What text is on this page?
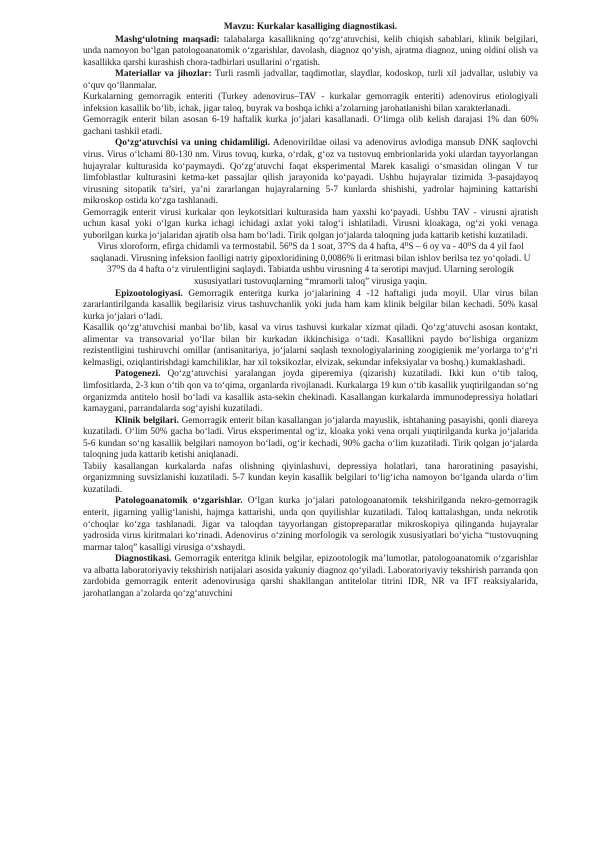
Mavzu: Kurkalar kasalliging diagnostikasi.

Mashg‘ulotning maqsadi: talabalarga kasallikning qo‘zg‘atuvchisi, kelib chiqish sabablari, klinik belgilari, unda namoyon bo‘lgan patologoanatomik o‘zgarishlar, davolash, diagnoz qo‘yish, ajratma diagnoz, uning oldini olish va kasallikka qarshi kurashish chora-tadbirlari usullarini o‘rgatish.

Materiallar va jihozlar: Turli rasmli jadvallar, taqdimotlar, slaydlar, kodoskop, turli xil jadvallar, uslubiy va o‘quv qo‘llanmalar.

Kurkalarning gemorragik enteriti (Turkey adenovirus–TAV - kurkalar gemorragik enteriti) adenovirus etiologiyali infeksion kasallik bo‘lib, ichak, jigar taloq, buyrak va boshqa ichki a’zolarning jarohatlanishi bilan xarakterlanadi.

Gemorragik enterit bilan asosan 6-19 haftalik kurka jo‘jalari kasallanadi. O‘limga olib kelish darajasi 1% dan 60% gachani tashkil etadi.

Qo‘zg‘atuvchisi va uning chidamliligi. Adenovirildae oilasi va adenovirus avlodiga mansub DNK saqlovchi virus. Virus o‘lchami 80-130 nm. Virus tovuq, kurka, o‘rdak, g‘oz va tustovuq embrionlarida yoki ulardan tayyorlangan hujayralar kulturasida ko‘paymaydi. Qo‘zg‘atuvchi faqat eksperimental Marek kasaligi o‘smasidan olingan V tur limfoblastlar kulturasini ketma-ket passajlar qilish jarayonida ko‘payadi. Ushbu hujayralar tizimida 3-pasajdayoq virusning sitopatik ta’siri, ya’ni zararlangan hujayralarning 5-7 kunlarda shishishi, yadrolar hajmining kattarishi mikroskop ostida ko‘zga tashlanadi.

Gemorragik enterit virusi kurkalar qon leykotsitlari kulturasida ham yaxshi ko‘payadi. Ushbu TAV - virusni ajratish uchun kasal yoki o‘lgan kurka ichagi ichidagi axlat yoki talog‘i ishlatiladi. Virusni kloakaga, og‘zi yoki venaga yuborilgan kurka jo‘jalaridan ajratib olsa ham bo‘ladi. Tirik qolgan jo‘jalarda taloqning juda kattarib ketishi kuzatiladi.

Virus xloroform, efirga chidamli va termostabil. 56⁰S da 1 soat, 37⁰S da 4 hafta, 4⁰S – 6 oy va - 40⁰S da 4 yil faol saqlanadi. Virusning infeksion faolligi natriy gipoxloridining 0,0086% li eritmasi bilan ishlov berilsa tez yo‘qoladi. U 37⁰S da 4 hafta o‘z virulentligini saqlaydi. Tabiatda ushbu virusning 4 ta serotipi mavjud. Ularning serologik xususiyatlari tustovuqlarning “mramorli taloq” virusiga yaqin.

Epizootologiyasi. Gemorragik enteritga kurka jo‘jalarining 4 -12 haftaligi juda moyil. Ular virus bilan zararlantirilganda kasallik begilarisiz virus tashuvchanlik yoki juda ham kam klinik belgilar bilan kechadi. 50% kasal kurka jo‘jalari o‘ladi.

Kasallik qo‘zg‘atuvchisi manbai bo‘lib, kasal va virus tashuvsi kurkalar xizmat qiladi. Qo‘zg‘atuvchi asosan kontakt, alimentar va transovarial yo‘llar bilan bir kurkadan ikkinchisiga o‘tadi. Kasallikni paydo bo‘lishiga organizm rezistentligini tushiruvchi omillar (antisanitariya, jo‘jalarni saqlash texnologiyalarining zoogigienik me’yorlarga to‘g‘ri kelmasligi, oziqlantirishdagi kamchiliklar, har xil toksikozlar, elvizak, sekundar infeksiyalar va boshq.) kumaklashadi.

Patogenezi. Qo‘zg‘atuvchisi yaralangan joyda giperemiya (qizarish) kuzatiladi. Ikki kun o‘tib taloq, limfositlarda, 2-3 kun o‘tib qon va to‘qima, organlarda rivojlanadi. Kurkalarga 19 kun o‘tib kasallik yuqtirilgandan so‘ng organizmda antitelo hosil bo‘ladi va kasallik asta-sekin chekinadi. Kasallangan kurkalarda immunodepressiya holatlari kamaygani, parrandalarda sog‘ayishi kuzatiladi.

Klinik belgilari. Gemorragik enterit bilan kasallangan jo‘jalarda mayuslik, ishtahaning pasayishi, qonli diareya kuzatiladi. O‘lim 50% gacha bo‘ladi. Virus eksperimental og‘iz, kloaka yoki vena orqali yuqtirilganda kurka jo‘jalarida 5-6 kundan so‘ng kasallik belgilari namoyon bo‘ladi, og‘ir kechadi, 90% gacha o‘lim kuzatiladi. Tirik qolgan jo‘jalarda taloqning juda kattarib ketishi aniqlanadi.

Tabiiy kasallangan kurkalarda nafas olishning qiyinlashuvi, depressiya holatlari, tana haroratining pasayishi, organizmning suvsizlanishi kuzatiladi. 5-7 kundan keyin kasallik belgilari to‘lig‘icha namoyon bo‘lganda ularda o‘lim kuzatiladi.

Patologoanatomik o‘zgarishlar. O‘lgan kurka jo‘jalari patologoanatomik tekshirilganda nekro-gemorragik enterit, jigarning yallig‘lanishi, hajmga kattarishi, unda qon quyilishlar kuzatiladi. Taloq kattalashgan, unda nekrotik o‘choqlar ko‘zga tashlanadi. Jigar va taloqdan tayyorlangan gistopreparatlar mikroskopiya qilinganda hujayralar yadrosida virus kiritmalari ko‘rinadi. Adenovirus o‘zining morfologik va serologik xususiyatlari bo‘yicha “tustovuqning marmar taloq” kasalligi virusiga o‘xshaydi.

Diagnostikasi. Gemorragik enteritga klinik belgilar, epizootologik ma’lumotlar, patologoanatomik o‘zgarishlar va albatta laboratoriyaviy tekshirish natijalari asosida yakuniy diagnoz qo‘yiladi. Laboratoriyaviy tekshirish parranda qon zardobida gemorragik enterit adenovirusiga qarshi shakllangan antitelolar titrini IDR, NR va IFT reaksiyalarida, jarohatlangan a’zolarda qo‘zg‘atuvchini
